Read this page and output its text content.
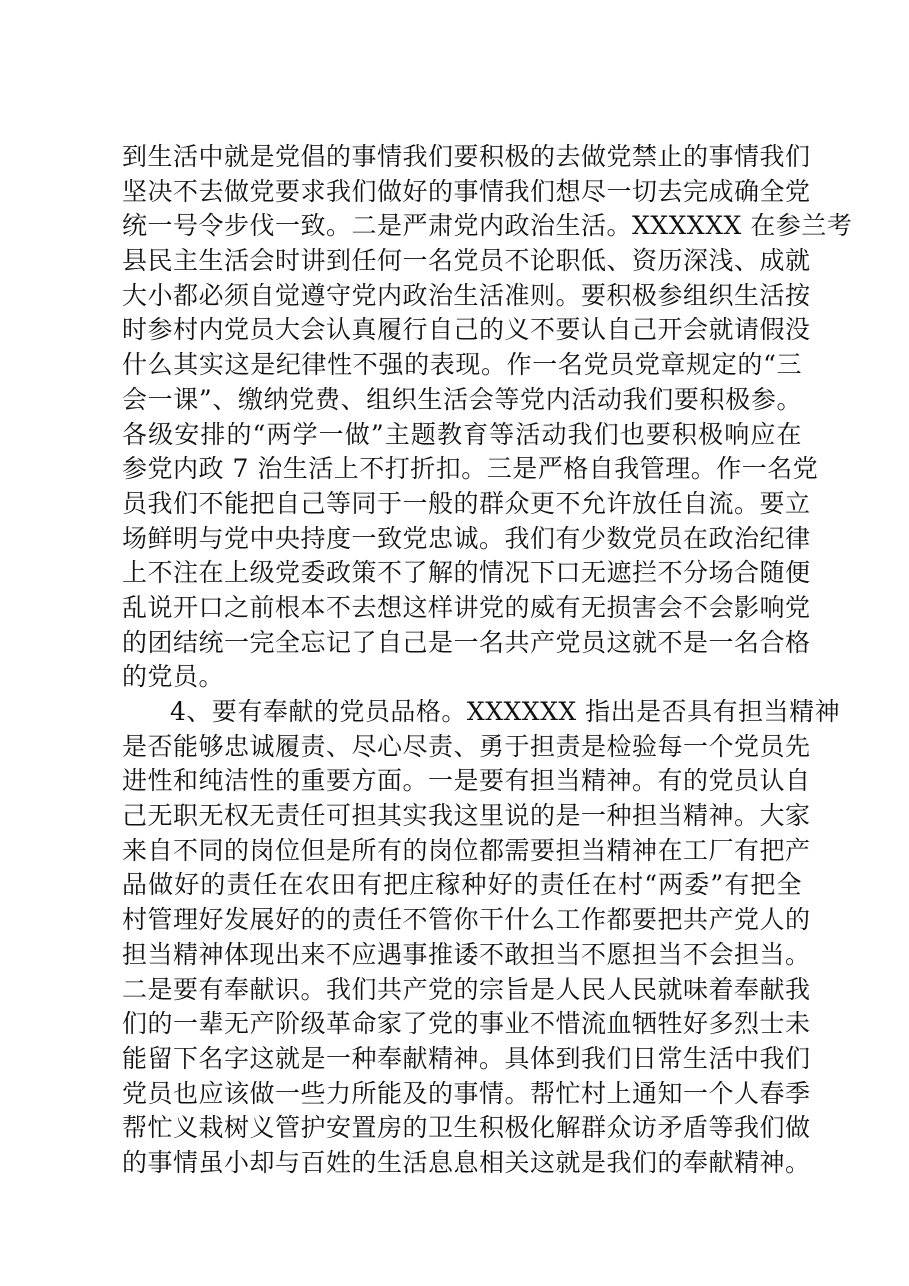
到生活中就是党倡的事情我们要积极的去做党禁止的事情我们
坚决不去做党要求我们做好的事情我们想尽一切去完成确全党
统一号令步伐一致。二是严肃党内政治生活。XXXXXX 在参兰考
县民主生活会时讲到任何一名党员不论职低、资历深浅、成就
大小都必须自觉遵守党内政治生活准则。要积极参组织生活按
时参村内党员大会认真履行自己的义不要认自己开会就请假没
什么其实这是纪律性不强的表现。作一名党员党章规定的“三
会一课”、缴纳党费、组织生活会等党内活动我们要积极参。
各级安排的“两学一做”主题教育等活动我们也要积极响应在
参党内政 7 治生活上不打折扣。三是严格自我管理。作一名党
员我们不能把自己等同于一般的群众更不允许放任自流。要立
场鲜明与党中央持度一致党忠诚。我们有少数党员在政治纪律
上不注在上级党委政策不了解的情况下口无遮拦不分场合随便
乱说开口之前根本不去想这样讲党的威有无损害会不会影响党
的团结统一完全忘记了自己是一名共产党员这就不是一名合格
的党员。
4、要有奉献的党员品格。XXXXXX 指出是否具有担当精神
是否能够忠诚履责、尽心尽责、勇于担责是检验每一个党员先
进性和纯洁性的重要方面。一是要有担当精神。有的党员认自
己无职无权无责任可担其实我这里说的是一种担当精神。大家
来自不同的岗位但是所有的岗位都需要担当精神在工厂有把产
品做好的责任在农田有把庄稼种好的责任在村“两委”有把全
村管理好发展好的的责任不管你干什么工作都要把共产党人的
担当精神体现出来不应遇事推诿不敢担当不愿担当不会担当。
二是要有奉献识。我们共产党的宗旨是人民人民就味着奉献我
们的一辈无产阶级革命家了党的事业不惜流血牺牲好多烈士未
能留下名字这就是一种奉献精神。具体到我们日常生活中我们
党员也应该做一些力所能及的事情。帮忙村上通知一个人春季
帮忙义栽树义管护安置房的卫生积极化解群众访矛盾等我们做
的事情虽小却与百姓的生活息息相关这就是我们的奉献精神。
